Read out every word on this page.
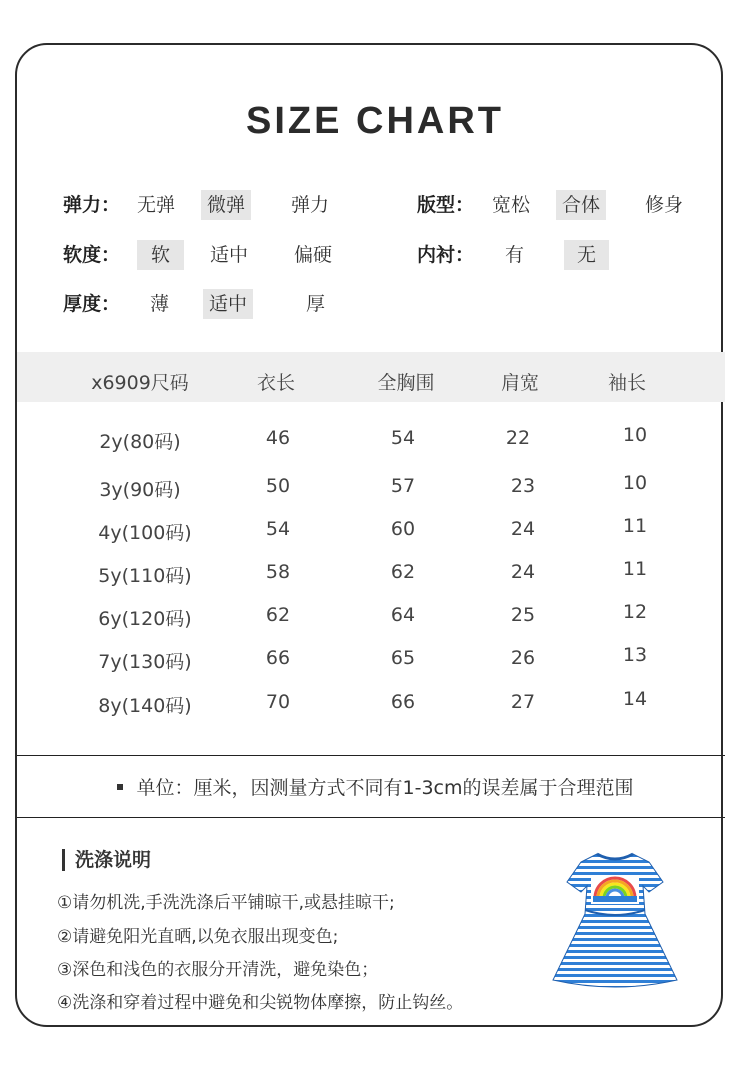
SIZE CHART
弹力： 无弹	微弹	弹力	版型： 宽松	合体	修身
软度：	软	适中 偏硬	内衬： 有	无
厚度： 薄	适中	厚
x6909尺码	衣长	全胸围	肩宽	袖长
2y(80码)	46	54	22	10
3y(90码)	50	57	23	10
4y(100码)	54	60	24	11
5y(110码)	58	62	24	11
6y(120码)	62	64	25	12
7y(130码)	66	65	26	13
8y(140码)	70	66	27	14
单位：厘米，因测量方式不同有1-3cm的误差属于合理范围
洗涤说明
①请勿机洗,手洗洗涤后平铺晾干,或悬挂晾干;
②请避免阳光直晒,以免衣服出现变色;
③深色和浅色的衣服分开清洗，避免染色；
④洗涤和穿着过程中避免和尖锐物体摩擦，防止钩丝。
